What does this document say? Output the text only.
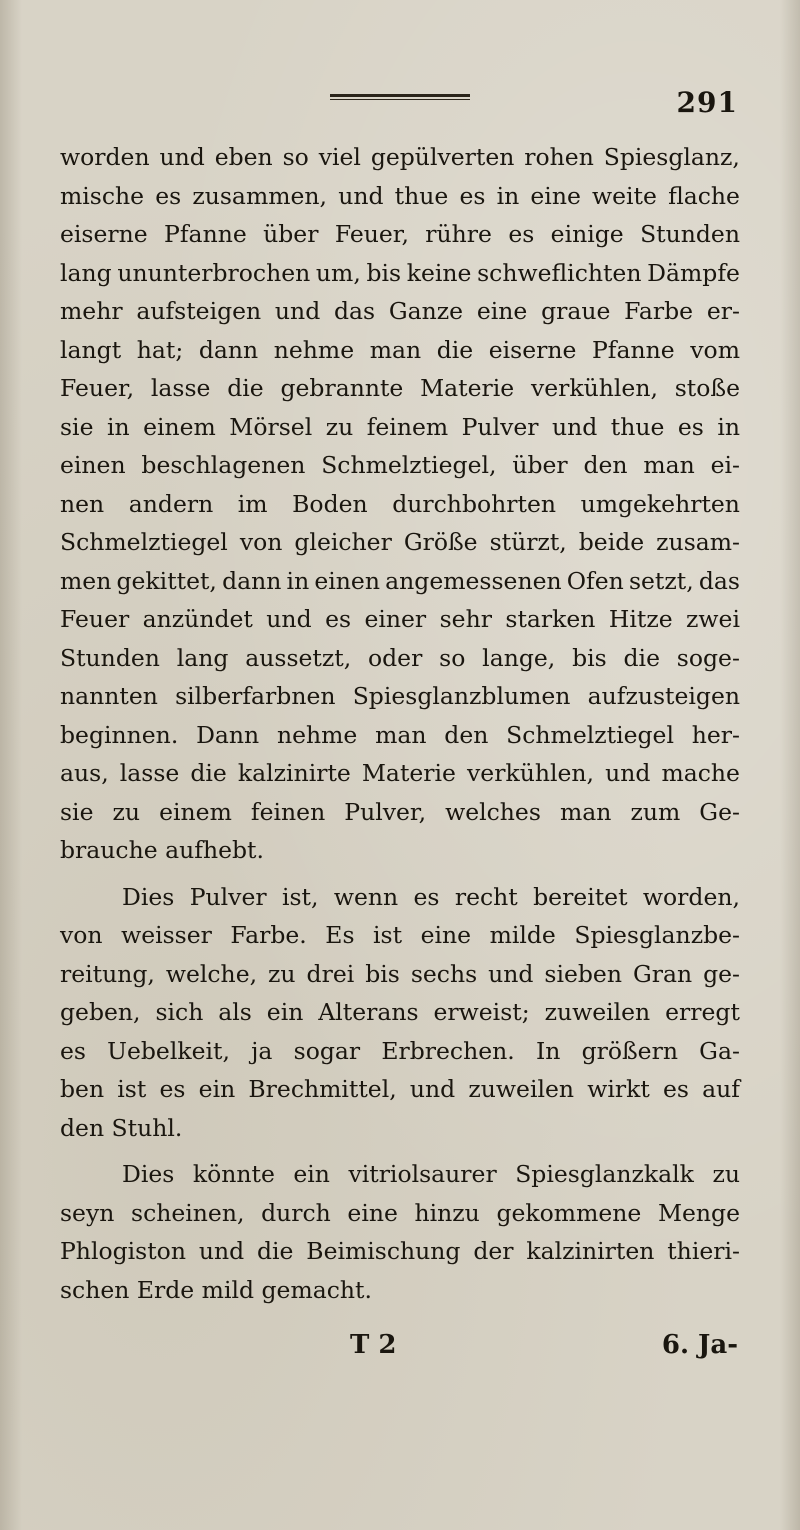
291
worden und eben so viel gepülverten rohen Spiesglanz,
mische es zusammen, und thue es in eine weite flache
eiserne Pfanne über Feuer, rühre es einige Stunden
lang ununterbrochen um, bis keine schweflichten Dämpfe
mehr aufsteigen und das Ganze eine graue Farbe er-
langt hat; dann nehme man die eiserne Pfanne vom
Feuer, lasse die gebrannte Materie verkühlen, stoße
sie in einem Mörsel zu feinem Pulver und thue es in
einen beschlagenen Schmelztiegel, über den man ei-
nen andern im Boden durchbohrten umgekehrten
Schmelztiegel von gleicher Größe stürzt, beide zusam-
men gekittet, dann in einen angemessenen Ofen setzt, das
Feuer anzündet und es einer sehr starken Hitze zwei
Stunden lang aussetzt, oder so lange, bis die soge-
nannten silberfarbnen Spiesglanzblumen aufzusteigen
beginnen. Dann nehme man den Schmelztiegel her-
aus, lasse die kalzinirte Materie verkühlen, und mache
sie zu einem feinen Pulver, welches man zum Ge-
brauche aufhebt.
Dies Pulver ist, wenn es recht bereitet worden,
von weisser Farbe. Es ist eine milde Spiesglanzbe-
reitung, welche, zu drei bis sechs und sieben Gran ge-
geben, sich als ein Alterans erweist; zuweilen erregt
es Uebelkeit, ja sogar Erbrechen. In größern Ga-
ben ist es ein Brechmittel, und zuweilen wirkt es auf
den Stuhl.
Dies könnte ein vitriolsaurer Spiesglanzkalk zu
seyn scheinen, durch eine hinzu gekommene Menge
Phlogiston und die Beimischung der kalzinirten thieri-
schen Erde mild gemacht.
T 2	6. Ja-
